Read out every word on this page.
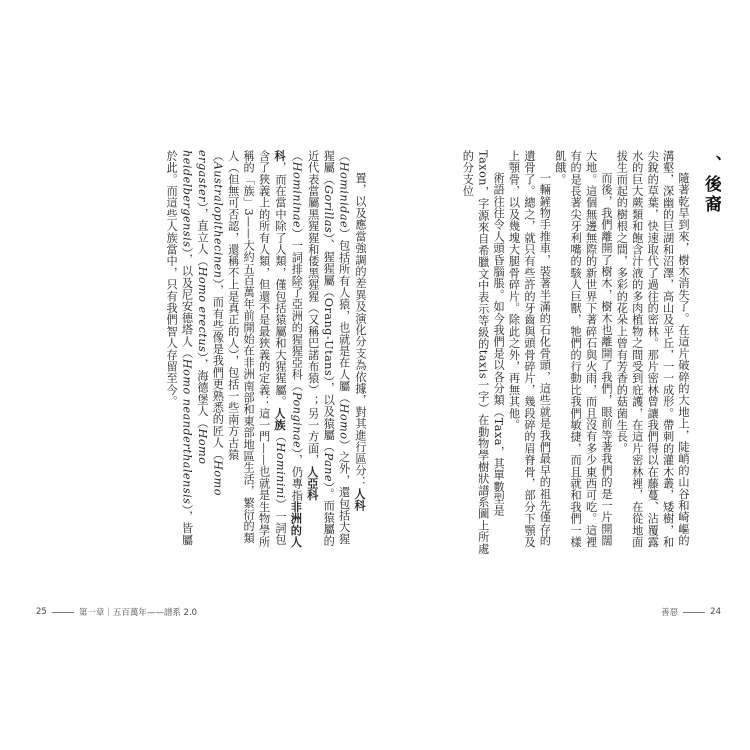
置，以及應當強調的差異及演化分支為依據，對其進行區分：人科（Hominidae）包括所有人猿，也就是在人屬（Homo）之外，還包括大猩猩屬（Gorillas）、猩猩屬（Orang-Utans），以及猿屬（Pane）。而猿屬的近代表當屬黑猩猩和倭黑猩猩（又稱巴諾布猿）；另一方面，人亞科（Homininae）一詞排除了亞洲的猩猩亞科（Ponginae），仍專指非洲的人科，而在當中除了人類，僅包括猿屬和大猩猩屬。人族（Hominini）一詞包含了狹義上的所有人類，但還不是最狹義的定義：這一門——也就是生物學所稱的「族」3——大約五百萬年前開始在非洲南部和東部地區生活，繁衍的類人（但無可否認，還稱不上是真正的人），包括一些南方古猿（Australopithecinen），而有些像是我們更熟悉的匠人（Homo ergaster），直立人（Homo erectus），海德堡人（Homo heidelbergensis），以及尼安德塔人（Homo neanderthalensis），皆屬於此。而這些人族當中，只有我們智人存留至今。

25	第一章｜五百萬年——譜系 2.0
、後裔

隨著乾旱到來，樹木消失了。在這片破碎的大地上，陡峭的山谷和崎嶇的溝壑，深幽的巨湖和沼澤，高山及平丘，一一成形。帶刺的灌木叢，矮樹，和尖銳的草葉，快速取代了過往的密林。那片密林曾讓我們得以在藤蔓、沾覆露水的巨大蕨類和飽含汁液的多肉植物之間受到庇護，在這片密林裡，在從地面拔生而起的樹根之間，多彩的花朵上曾有芳香的菇菌生長。

而後，我們離開了樹木，樹木也離開了我們，眼前等著我們的是一片開闊大地。這個無邊無際的新世界下著碎石與火雨，而且沒有多少東西可吃。這裡有的是長著尖牙利嘴的駭人巨獸，牠們的行動比我們敏捷，而且就和我們一樣飢餓。

一輛鏟物手推車，裝著半滿的石化骨頭，這些就是我們最早的祖先僅存的遺骨了。總之，就只有些許的牙齒與頭骨碎片，幾段碎的眉脊骨，部分下顎及上顎骨，以及幾塊大腿骨碎片。除此之外，再無其他。

術語往往令人頭昏腦脹。如今我們是以各分類（Taxa，其單數型是Taxon，字源來自希臘文中表示等級的taxis一字）在動物學樹狀譜系圖上所處的分支位

善惡	24
